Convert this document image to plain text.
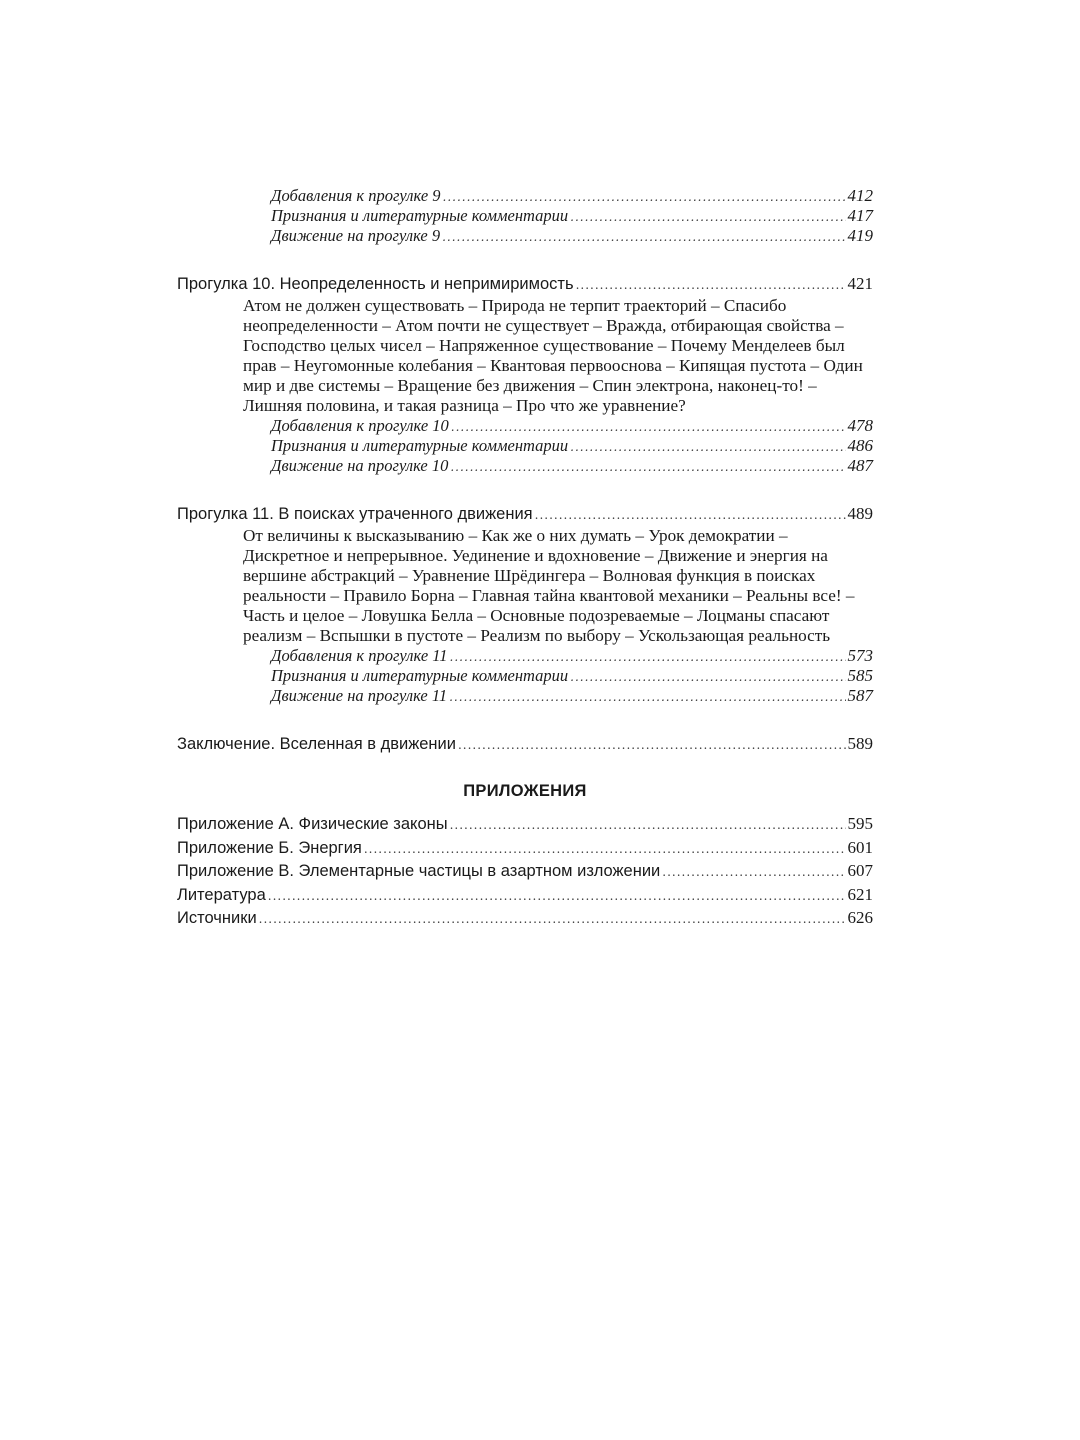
Добавления к прогулке 9 .....	412
Признания и литературные комментарии .....	417
Движение на прогулке 9 .....	419
Прогулка 10. Неопределенность и непримиримость .....	421
Атом не должен существовать – Природа не терпит траекторий – Спасибо неопределенности – Атом почти не существует – Вражда, отбирающая свойства – Господство целых чисел – Напряженное существование – Почему Менделеев был прав – Неугомонные колебания – Квантовая первооснова – Кипящая пустота – Один мир и две системы – Вращение без движения – Спин электрона, наконец-то! – Лишняя половина, и такая разница – Про что же уравнение?
Добавления к прогулке 10 .....	478
Признания и литературные комментарии .....	486
Движение на прогулке 10 .....	487
Прогулка 11. В поисках утраченного движения .....	489
От величины к высказыванию – Как же о них думать – Урок демократии – Дискретное и непрерывное. Уединение и вдохновение – Движение и энергия на вершине абстракций – Уравнение Шрёдингера – Волновая функция в поисках реальности – Правило Борна – Главная тайна квантовой механики – Реальны все! – Часть и целое – Ловушка Белла – Основные подозреваемые – Лоцманы спасают реализм – Вспышки в пустоте – Реализм по выбору – Ускользающая реальность
Добавления к прогулке 11 .....	573
Признания и литературные комментарии .....	585
Движение на прогулке 11 .....	587
Заключение. Вселенная в движении .....	589
ПРИЛОЖЕНИЯ
Приложение А. Физические законы .....	595
Приложение Б. Энергия .....	601
Приложение В. Элементарные частицы в азартном изложении .....	607
Литература .....	621
Источники .....	626
